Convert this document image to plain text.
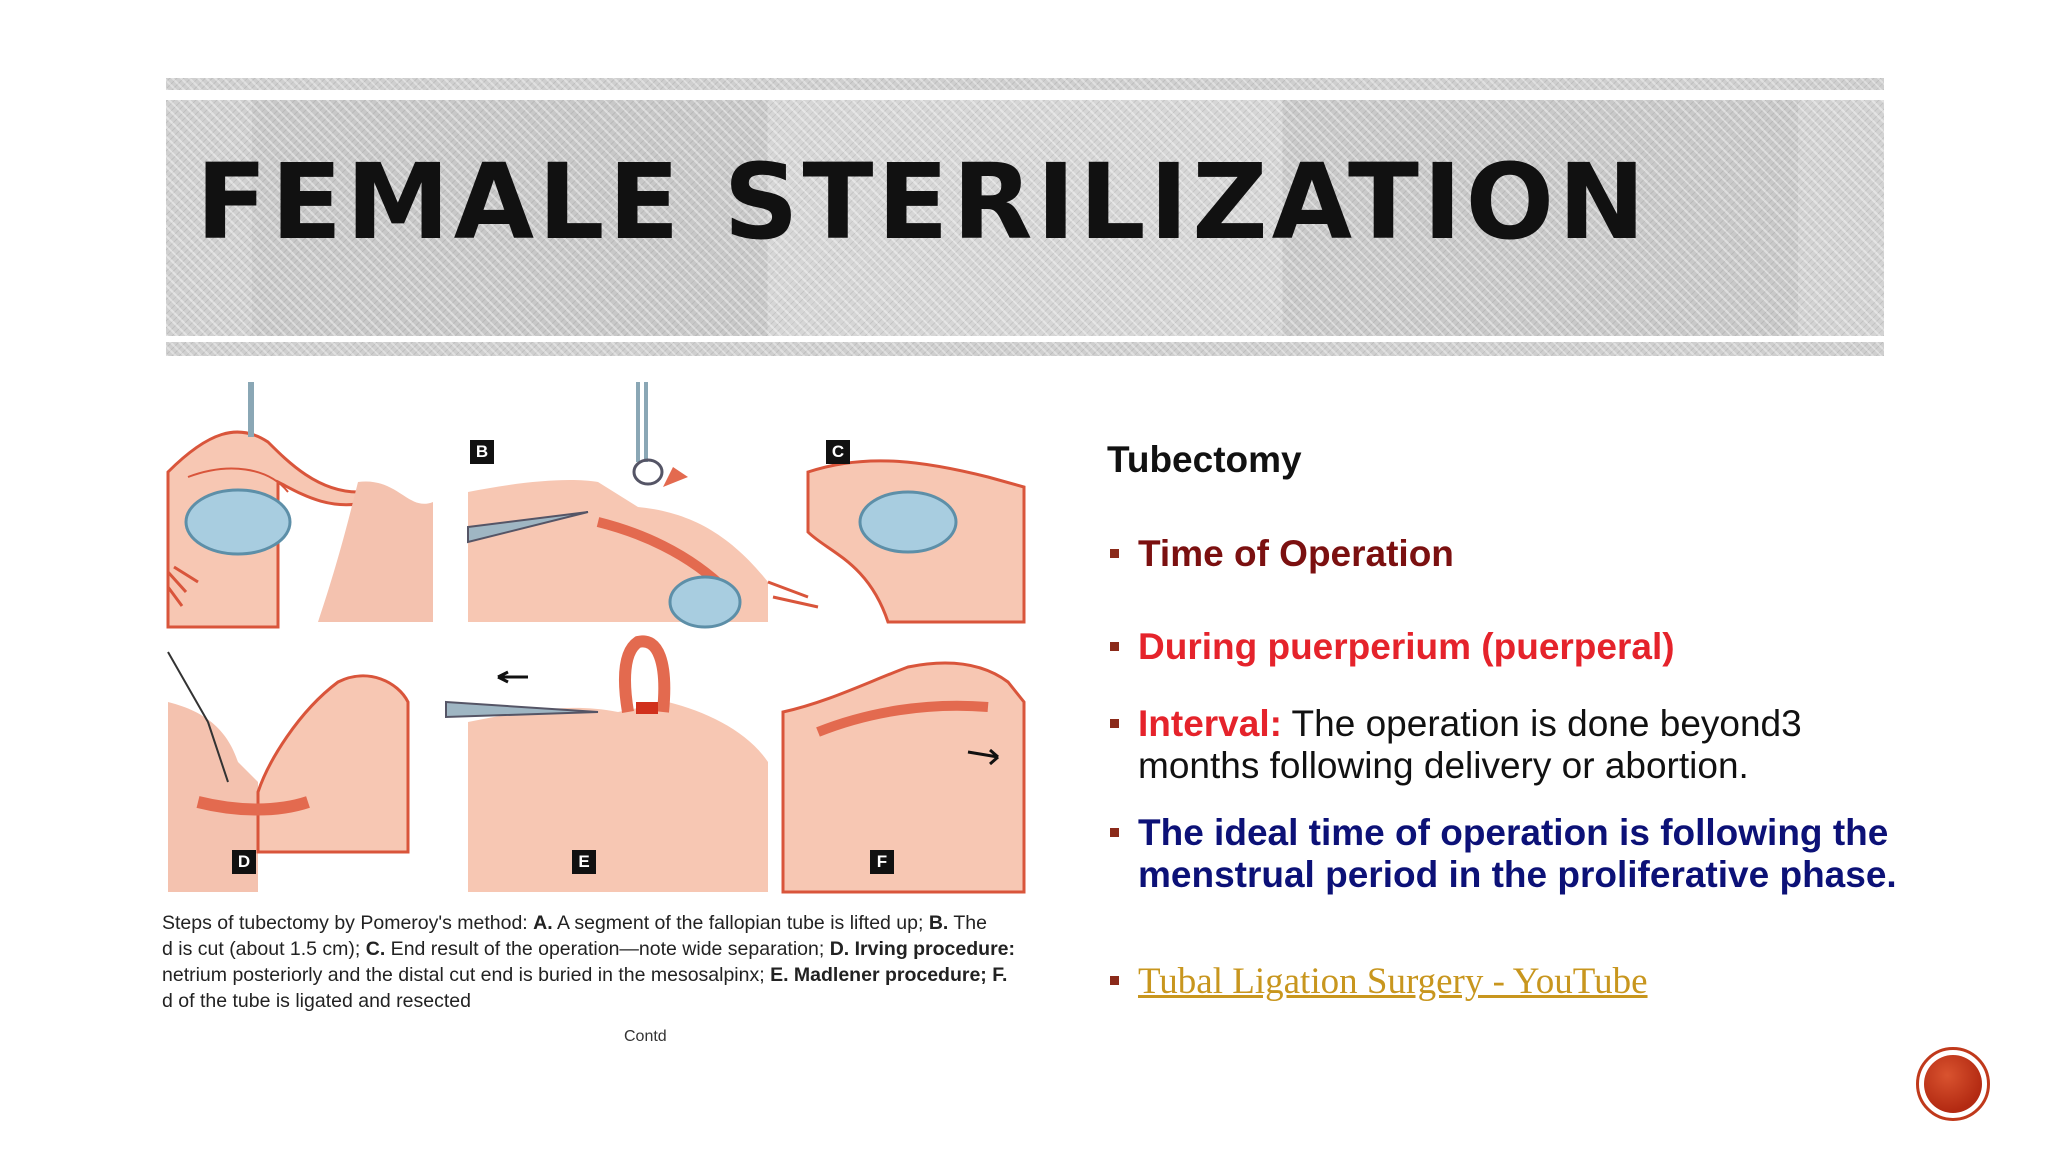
FEMALE STERILIZATION
B	C
D	E	F
Steps of tubectomy by Pomeroy's method: A. A segment of the fallopian tube is lifted up; B. The
d is cut (about 1.5 cm); C. End result of the operation—note wide separation; D. Irving procedure:
netrium posteriorly and the distal cut end is buried in the mesosalpinx; E. Madlener procedure; F.
d of the tube is ligated and resected
Contd
Tubectomy
Time of Operation
During puerperium (puerperal)
Interval: The operation is done beyond3 months following delivery or abortion.
The ideal time of operation is following the menstrual period in the proliferative phase.
Tubal Ligation Surgery - YouTube
